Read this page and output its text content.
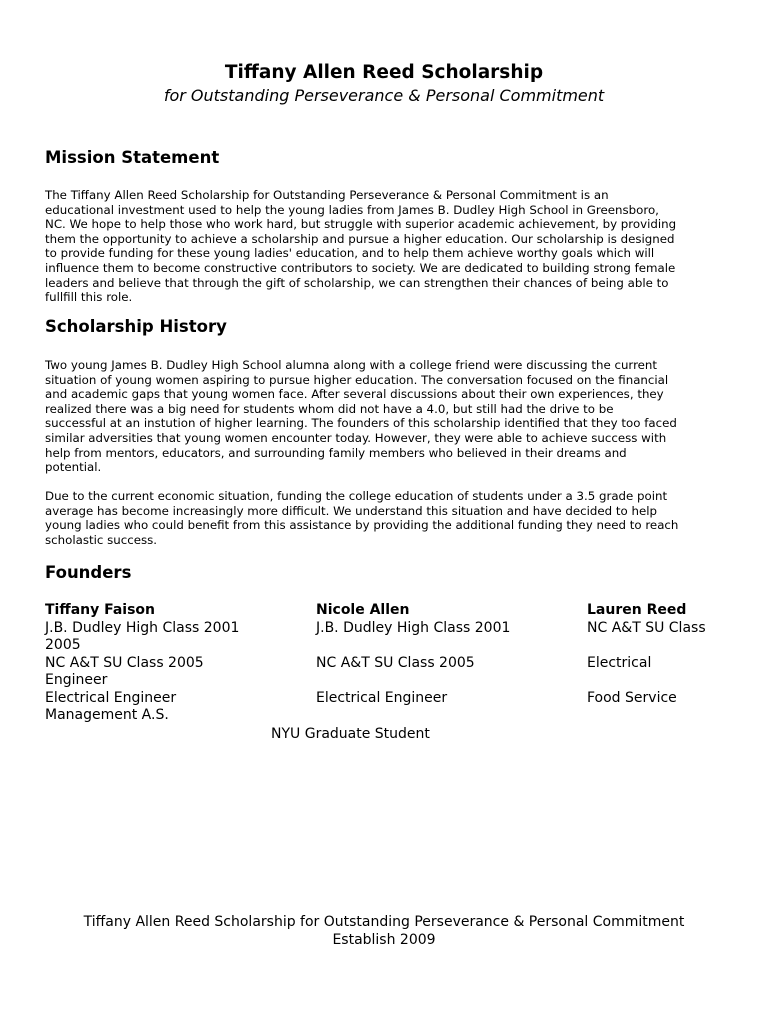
Tiffany Allen Reed Scholarship
for Outstanding Perseverance & Personal Commitment
Mission Statement
The Tiffany Allen Reed Scholarship for Outstanding Perseverance & Personal Commitment is an
educational investment used to help the young ladies from James B. Dudley High School in Greensboro,
NC. We hope to help those who work hard, but struggle with superior academic achievement, by providing
them the opportunity to achieve a scholarship and pursue a higher education. Our scholarship is designed
to provide funding for these young ladies' education, and to help them achieve worthy goals which will
influence them to become constructive contributors to society. We are dedicated to building strong female
leaders and believe that through the gift of scholarship, we can strengthen their chances of being able to
fullfill this role.
Scholarship History
Two young James B. Dudley High School alumna along with a college friend were discussing the current
situation of young women aspiring to pursue higher education. The conversation focused on the financial
and academic gaps that young women face. After several discussions about their own experiences, they
realized there was a big need for students whom did not have a 4.0, but still had the drive to be
successful at an instution of higher learning. The founders of this scholarship identified that they too faced
similar adversities that young women encounter today. However, they were able to achieve success with
help from mentors, educators, and surrounding family members who believed in their dreams and
potential.
Due to the current economic situation, funding the college education of students under a 3.5 grade point
average has become increasingly more difficult. We understand this situation and have decided to help
young ladies who could benefit from this assistance by providing the additional funding they need to reach
scholastic success.
Founders
Tiffany Faison
J.B. Dudley High Class 2001
2005
NC A&T SU Class 2005
Engineer
Electrical Engineer
Management A.S.
Nicole Allen
J.B. Dudley High Class 2001
NC A&T SU Class 2005
Electrical Engineer
NYU Graduate Student
Lauren Reed
NC A&T SU Class
Electrical
Food Service
Tiffany Allen Reed Scholarship for Outstanding Perseverance & Personal Commitment
Establish 2009
